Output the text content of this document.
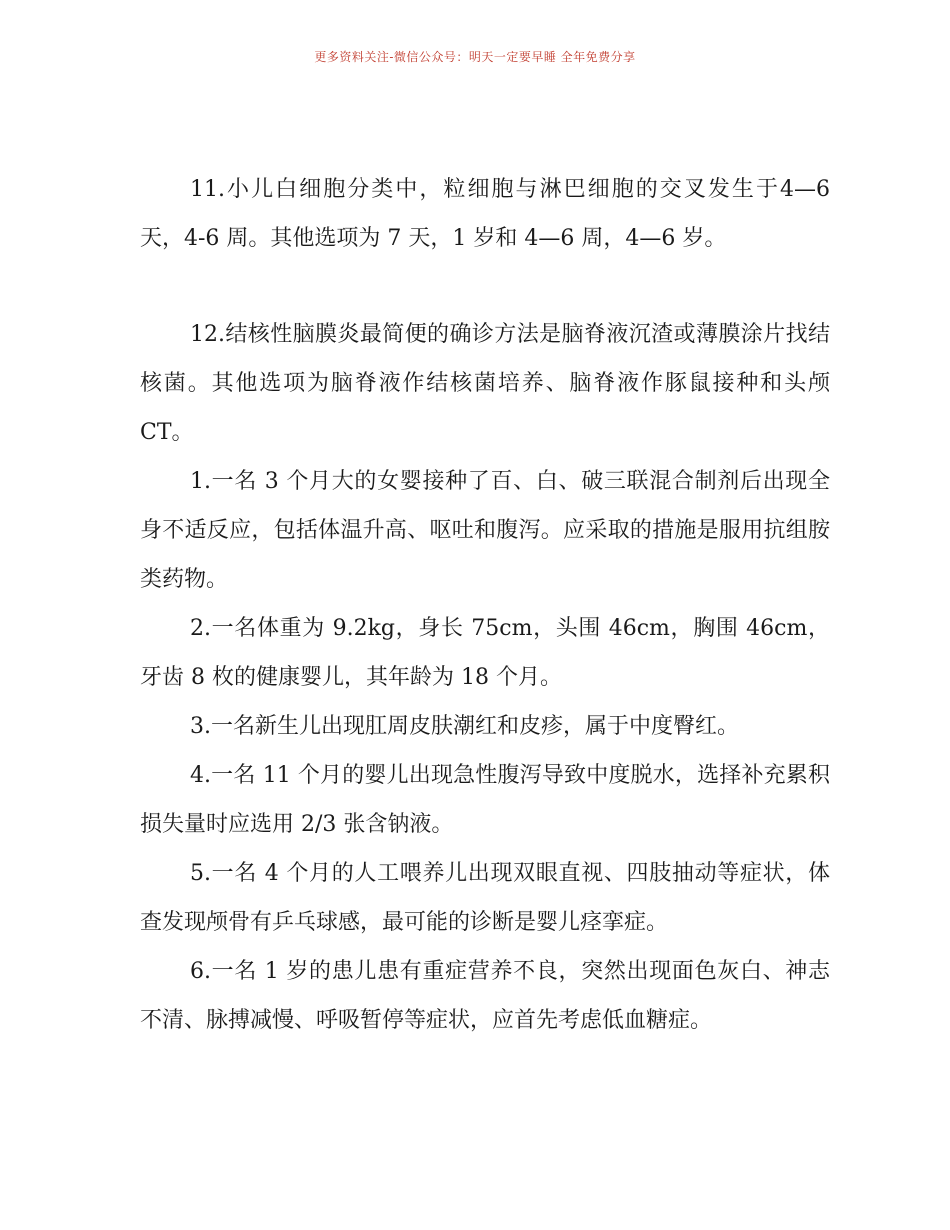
更多资料关注-微信公众号：明天一定要早睡 全年免费分享

11.小儿白细胞分类中，粒细胞与淋巴细胞的交叉发生于4—6 天，4-6 周。其他选项为 7 天，1 岁和 4—6 周，4—6 岁。

12.结核性脑膜炎最简便的确诊方法是脑脊液沉渣或薄膜涂片找结核菌。其他选项为脑脊液作结核菌培养、脑脊液作豚鼠接种和头颅 CT。

1.一名 3 个月大的女婴接种了百、白、破三联混合制剂后出现全身不适反应，包括体温升高、呕吐和腹泻。应采取的措施是服用抗组胺类药物。

2.一名体重为 9.2kg，身长 75cm，头围 46cm，胸围 46cm，牙齿 8 枚的健康婴儿，其年龄为 18 个月。

3.一名新生儿出现肛周皮肤潮红和皮疹，属于中度臀红。

4.一名 11 个月的婴儿出现急性腹泻导致中度脱水，选择补充累积损失量时应选用 2/3 张含钠液。

5.一名 4 个月的人工喂养儿出现双眼直视、四肢抽动等症状，体查发现颅骨有乒乓球感，最可能的诊断是婴儿痉挛症。

6.一名 1 岁的患儿患有重症营养不良，突然出现面色灰白、神志不清、脉搏减慢、呼吸暂停等症状，应首先考虑低血糖症。
